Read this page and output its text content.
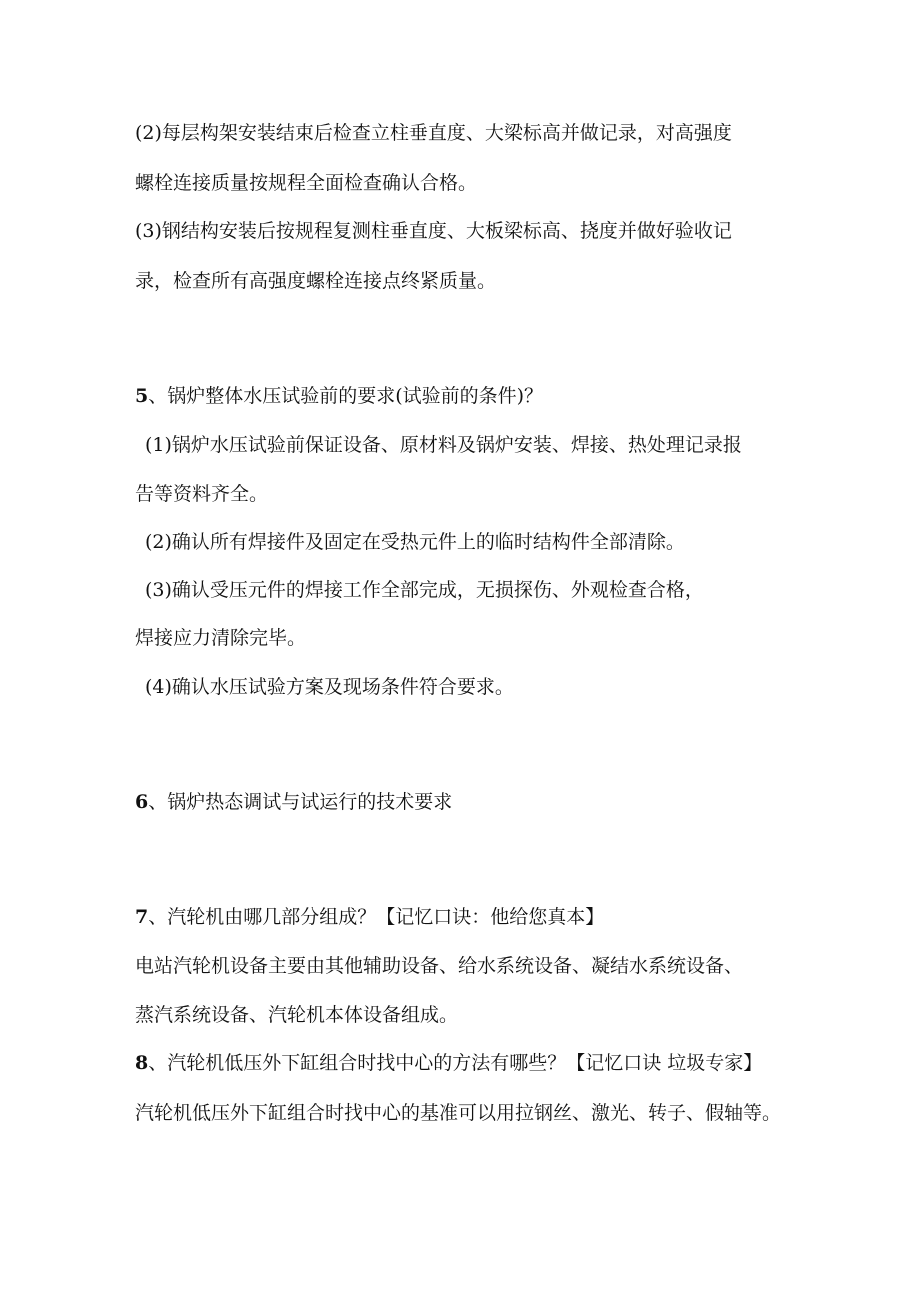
(2)每层构架安装结束后检查立柱垂直度、大梁标高并做记录，对高强度

螺栓连接质量按规程全面检查确认合格。

(3)钢结构安装后按规程复测柱垂直度、大板梁标高、挠度并做好验收记

录，检查所有高强度螺栓连接点终紧质量。

5、锅炉整体水压试验前的要求(试验前的条件)？

(1)锅炉水压试验前保证设备、原材料及锅炉安装、焊接、热处理记录报

告等资料齐全。

(2)确认所有焊接件及固定在受热元件上的临时结构件全部清除。

(3)确认受压元件的焊接工作全部完成，无损探伤、外观检查合格，

焊接应力清除完毕。

(4)确认水压试验方案及现场条件符合要求。

6、锅炉热态调试与试运行的技术要求

7、汽轮机由哪几部分组成？【记忆口诀：他给您真本】

电站汽轮机设备主要由其他辅助设备、给水系统设备、凝结水系统设备、

蒸汽系统设备、汽轮机本体设备组成。

8、汽轮机低压外下缸组合时找中心的方法有哪些？【记忆口诀 垃圾专家】

汽轮机低压外下缸组合时找中心的基准可以用拉钢丝、激光、转子、假轴等。
